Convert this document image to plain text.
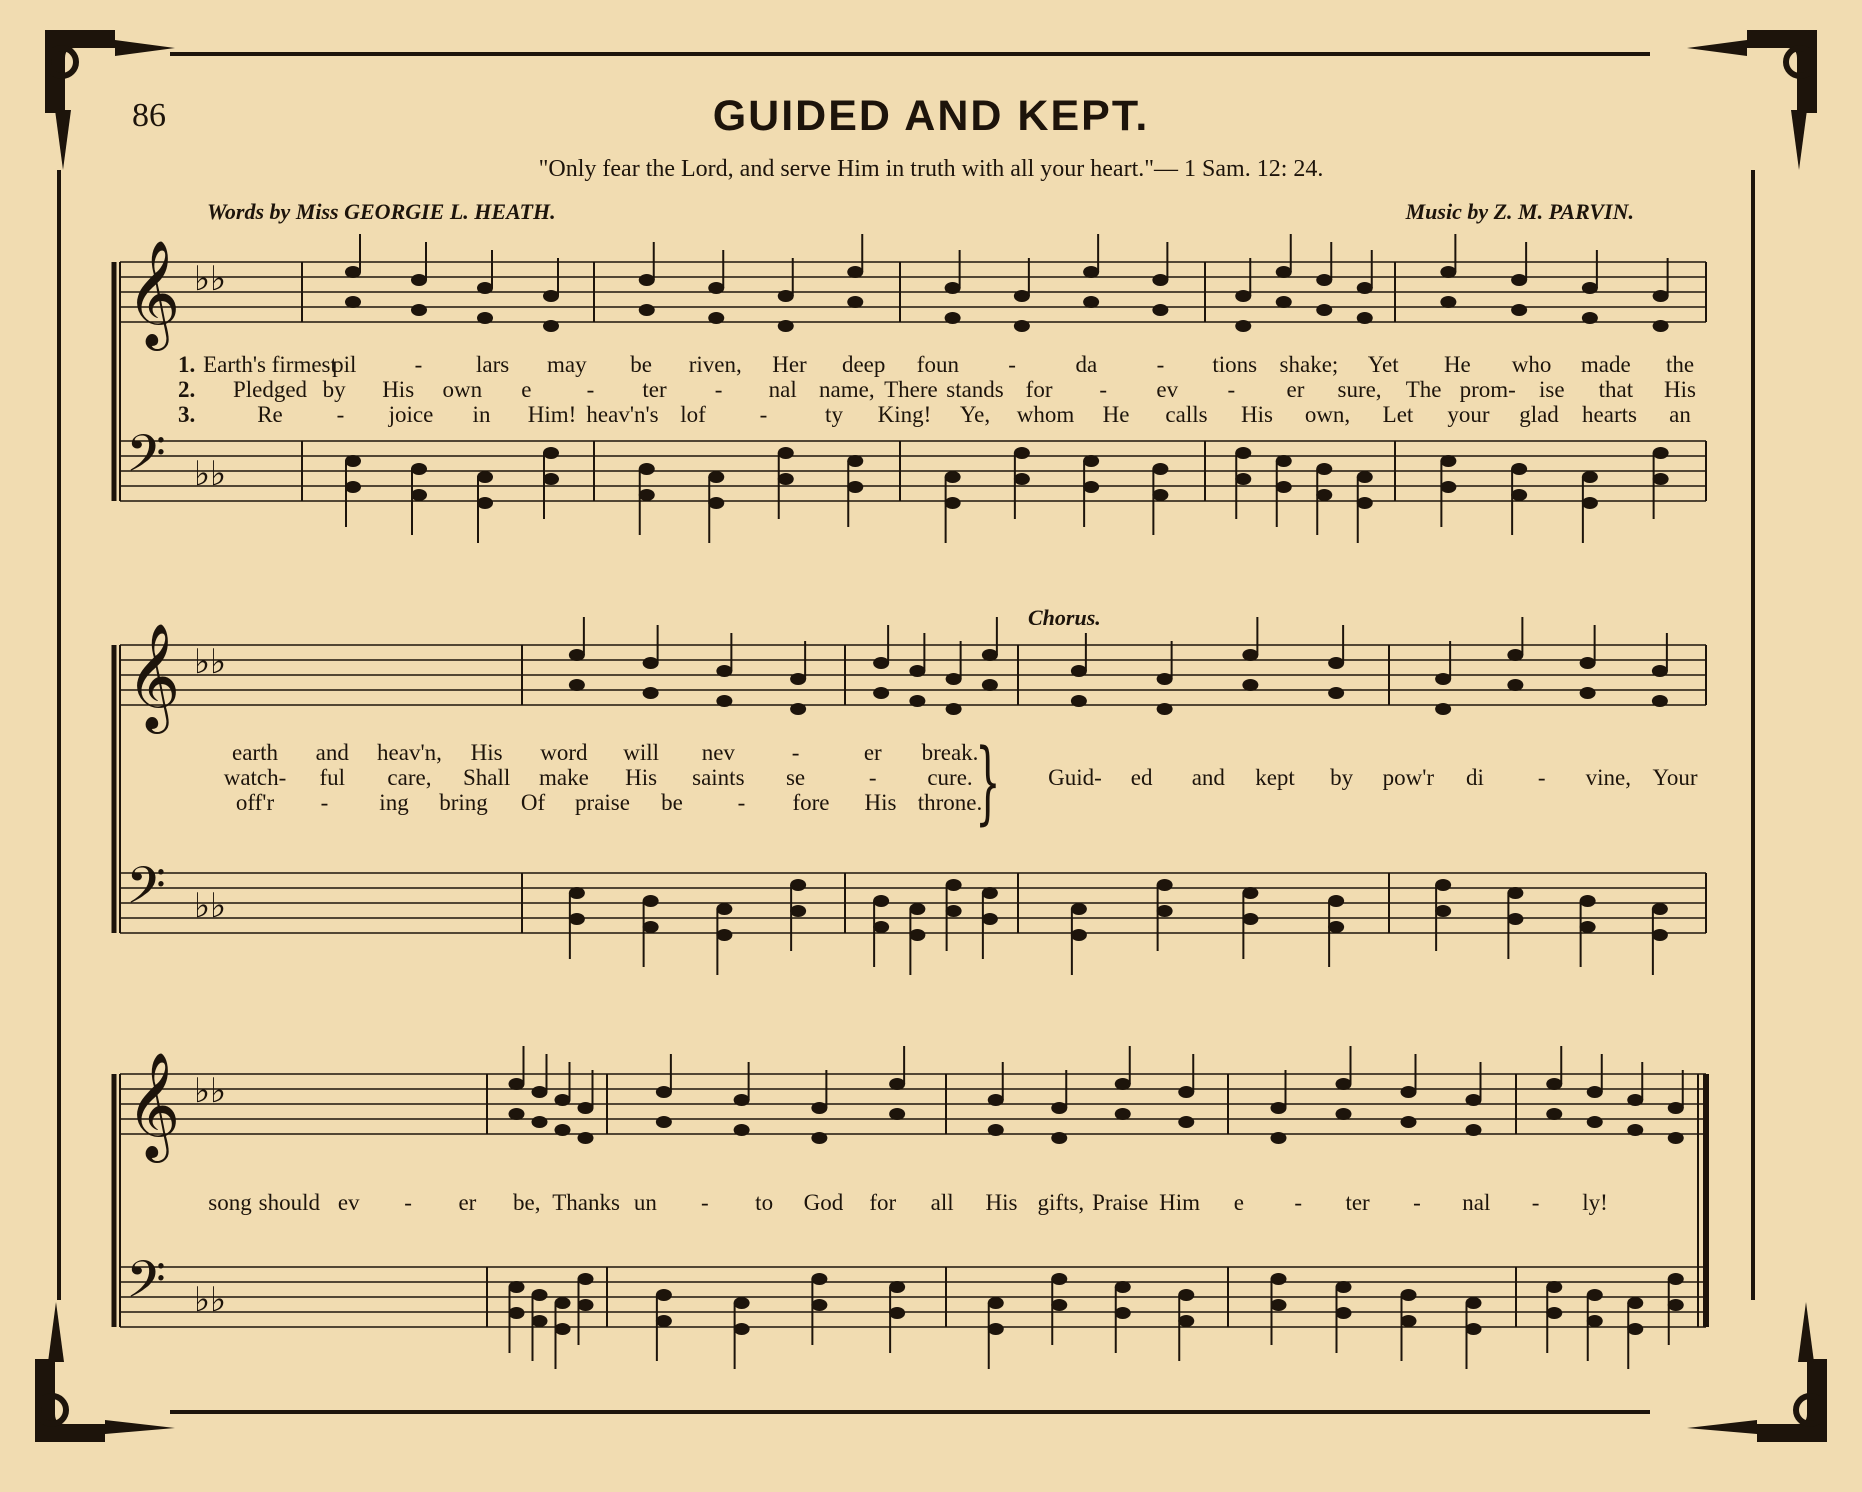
86	GUIDED AND KEPT.
"Only fear the Lord, and serve Him in truth with all your heart."— 1 Sam. 12: 24.
Words by Miss GEORGIE L. HEATH.	Music by Z. M. PARVIN.
Chorus.
𝄞 ♭♭
𝄢 ♭♭
𝄞 ♭♭
𝄢 ♭♭
𝄞 ♭♭
𝄢 ♭♭
1.
2.
3.
Earth's firmest
pil	- lars may be riven, Her deep foun -	da	- tions shake; Yet He who made the
Pledged by His own e - ter - nal name, There stands for - ev - er sure, The prom- ise that His
Re - joice in Him! heav'n's lof -	ty King! Ye, whom He calls His own, Let your glad hearts an
earth and heav'n, His word will nev -	er break.
watch- ful care, Shall make His saints se	- cure.
off'r - ing bring Of praise be - fore His throne.
} Guid- ed and kept by pow'r di - vine, Your
song should ev - er be, Thanks un - to God for all His gifts, Praise Him e - ter - nal - ly!
